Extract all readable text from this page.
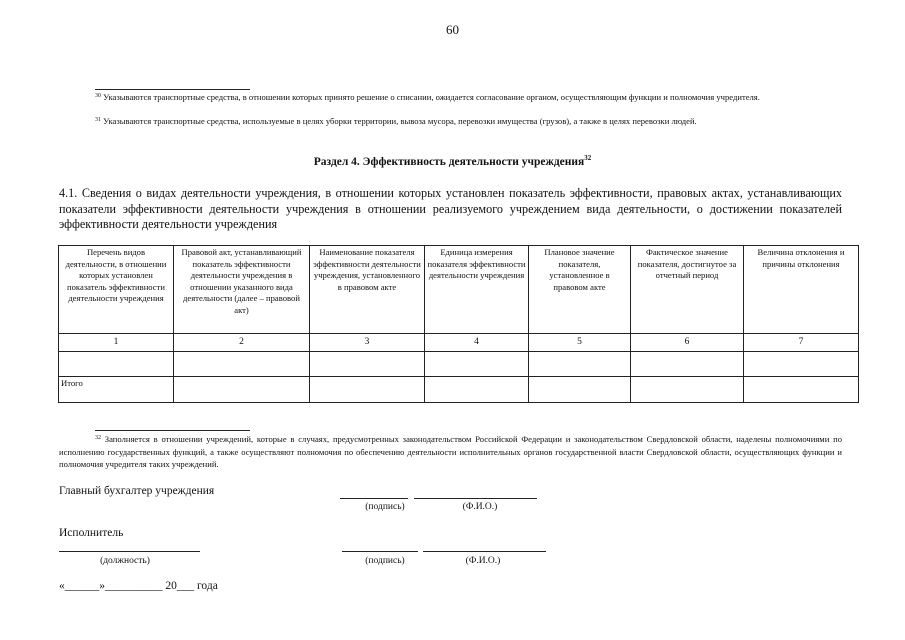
60
$^{30}$ Указываются транспортные средства, в отношении которых принято решение о списании, ожидается согласование органом, осуществляющим функции и полномочия учредителя.
$^{31}$ Указываются транспортные средства, используемые в целях уборки территории, вывоза мусора, перевозки имущества (грузов), а также в целях перевозки людей.
Раздел 4. Эффективность деятельности учреждения$^{32}$
4.1. Сведения о видах деятельности учреждения, в отношении которых установлен показатель эффективности, правовых актах, устанавливающих показатели эффективности деятельности учреждения в отношении реализуемого учреждением вида деятельности, о достижении показателей эффективности деятельности учреждения
Перечень видов деятельности, в отношении которых установлен показатель эффективности деятельности учреждения	Правовой акт, устанавливающий показатель эффективности деятельности учреждения в отношении указанного вида деятельности (далее – правовой акт)	Наименование показателя эффективности деятельности учреждения, установленного в правовом акте	Единица измерения показателя эффективности деятельности учреждения	Плановое значение показателя, установленное в правовом акте	Фактическое значение показателя, достигнутое за отчетный период	Величина отклонения и причины отклонения
1	2	3	4	5	6	7

Итого						
$^{32}$ Заполняется в отношении учреждений, которые в случаях, предусмотренных законодательством Российской Федерации и законодательством Свердловской области, наделены полномочиями по исполнению государственных функций, а также осуществляют полномочия по обеспечению деятельности исполнительных органов государственной власти Свердловской области, осуществляющих функции и полномочия учредителя таких учреждений.
Главный бухгалтер учреждения
(подпись)	(Ф.И.О.)
Исполнитель
(должность)	(подпись)	(Ф.И.О.)
«______»__________ 20___ года
